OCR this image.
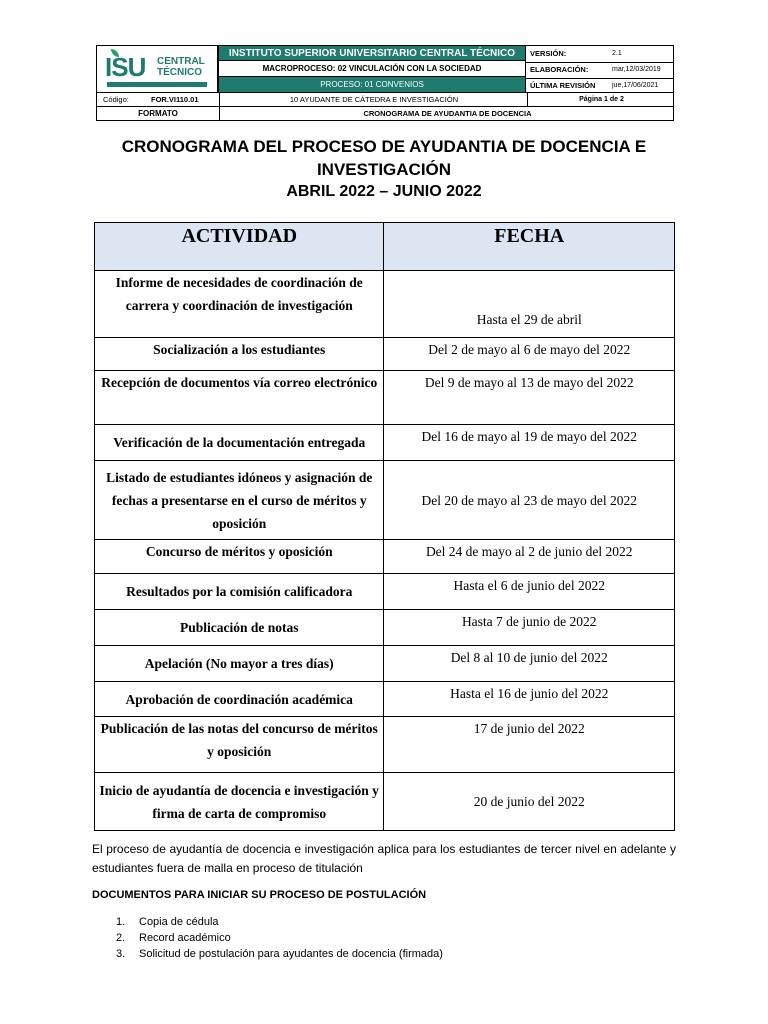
ISU CENTRAL
TÉCNICO
INSTITUTO SUPERIOR UNIVERSITARIO CENTRAL TÉCNICO
MACROPROCESO: 02 VINCULACIÓN CON LA SOCIEDAD
PROCESO: 01 CONVENIOS
VERSIÓN:	2.1
ELABORACIÓN:	mar,12/03/2019
ÚLTIMA REVISIÓN jue,17/06/2021
Código:	FOR.VI110.01	10 AYUDANTE DE CÁTEDRA E INVESTIGACIÓN	Página 1 de 2
FORMATO	CRONOGRAMA DE AYUDANTIA DE DOCENCIA
CRONOGRAMA DEL PROCESO DE AYUDANTIA DE DOCENCIA E
INVESTIGACIÓN
ABRIL 2022 – JUNIO 2022
ACTIVIDAD	FECHA
Informe de necesidades de coordinación de carrera y coordinación de investigación	Hasta el 29 de abril
Socialización a los estudiantes	Del 2 de mayo al 6 de mayo del 2022
Recepción de documentos vía correo electrónico	Del 9 de mayo al 13 de mayo del 2022
Verificación de la documentación entregada	Del 16 de mayo al 19 de mayo del 2022
Listado de estudiantes idóneos y asignación de fechas a presentarse en el curso de méritos y oposición	Del 20 de mayo al 23 de mayo del 2022
Concurso de méritos y oposición	Del 24 de mayo al 2 de junio del 2022
Resultados por la comisión calificadora	Hasta el 6 de junio del 2022
Publicación de notas	Hasta 7 de junio de 2022
Apelación (No mayor a tres días)	Del 8 al 10 de junio del 2022
Aprobación de coordinación académica	Hasta el 16 de junio del 2022
Publicación de las notas del concurso de méritos y oposición	17 de junio del 2022
Inicio de ayudantía de docencia e investigación y firma de carta de compromiso	20 de junio del 2022
El proceso de ayudantía de docencia e investigación aplica para los estudiantes de tercer nivel en adelante y estudiantes fuera de malla en proceso de titulación
DOCUMENTOS PARA INICIAR SU PROCESO DE POSTULACIÓN
1. Copia de cédula
2. Record académico
3. Solicitud de postulación para ayudantes de docencia (firmada)
